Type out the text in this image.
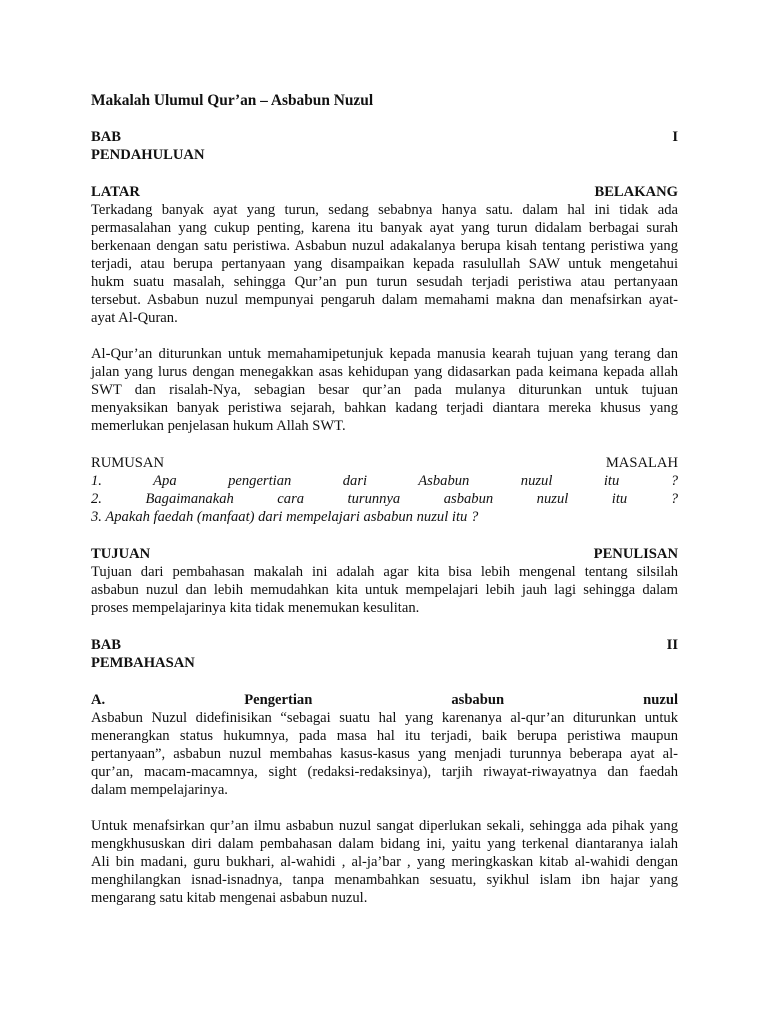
Makalah Ulumul Qur’an – Asbabun Nuzul
BAB	I
PENDAHULUAN
LATAR	BELAKANG
Terkadang banyak ayat yang turun, sedang sebabnya hanya satu. dalam hal ini tidak ada
permasalahan yang cukup penting, karena itu banyak ayat yang turun didalam berbagai surah
berkenaan dengan satu peristiwa. Asbabun nuzul adakalanya berupa kisah tentang peristiwa yang
terjadi, atau berupa pertanyaan yang disampaikan kepada rasulullah SAW untuk mengetahui
hukm suatu masalah, sehingga Qur’an pun turun sesudah terjadi peristiwa atau pertanyaan
tersebut. Asbabun nuzul mempunyai pengaruh dalam memahami makna dan menafsirkan ayat-
ayat Al-Quran.
Al-Qur’an diturunkan untuk memahamipetunjuk kepada manusia kearah tujuan yang terang dan
jalan yang lurus dengan menegakkan asas kehidupan yang didasarkan pada keimana kepada allah
SWT dan risalah-Nya, sebagian besar qur’an pada mulanya diturunkan untuk tujuan
menyaksikan banyak peristiwa sejarah, bahkan kadang terjadi diantara mereka khusus yang
memerlukan penjelasan hukum Allah SWT.
RUMUSAN	MASALAH
1. Apa pengertian dari Asbabun nuzul itu ?
2. Bagaimanakah cara turunnya asbabun nuzul itu ?
3. Apakah faedah (manfaat) dari mempelajari asbabun nuzul itu ?
TUJUAN	PENULISAN
Tujuan dari pembahasan makalah ini adalah agar kita bisa lebih mengenal tentang silsilah
asbabun nuzul dan lebih memudahkan kita untuk mempelajari lebih jauh lagi sehingga dalam
proses mempelajarinya kita tidak menemukan kesulitan.
BAB	II
PEMBAHASAN
A. Pengertian asbabun nuzul
Asbabun Nuzul didefinisikan “sebagai suatu hal yang karenanya al-qur’an diturunkan untuk
menerangkan status hukumnya, pada masa hal itu terjadi, baik berupa peristiwa maupun
pertanyaan”, asbabun nuzul membahas kasus-kasus yang menjadi turunnya beberapa ayat al-
qur’an, macam-macamnya, sight (redaksi-redaksinya), tarjih riwayat-riwayatnya dan faedah
dalam mempelajarinya.
Untuk menafsirkan qur’an ilmu asbabun nuzul sangat diperlukan sekali, sehingga ada pihak yang
mengkhususkan diri dalam pembahasan dalam bidang ini, yaitu yang terkenal diantaranya ialah
Ali bin madani, guru bukhari, al-wahidi , al-ja’bar , yang meringkaskan kitab al-wahidi dengan
menghilangkan isnad-isnadnya, tanpa menambahkan sesuatu, syikhul islam ibn hajar yang
mengarang satu kitab mengenai asbabun nuzul.
